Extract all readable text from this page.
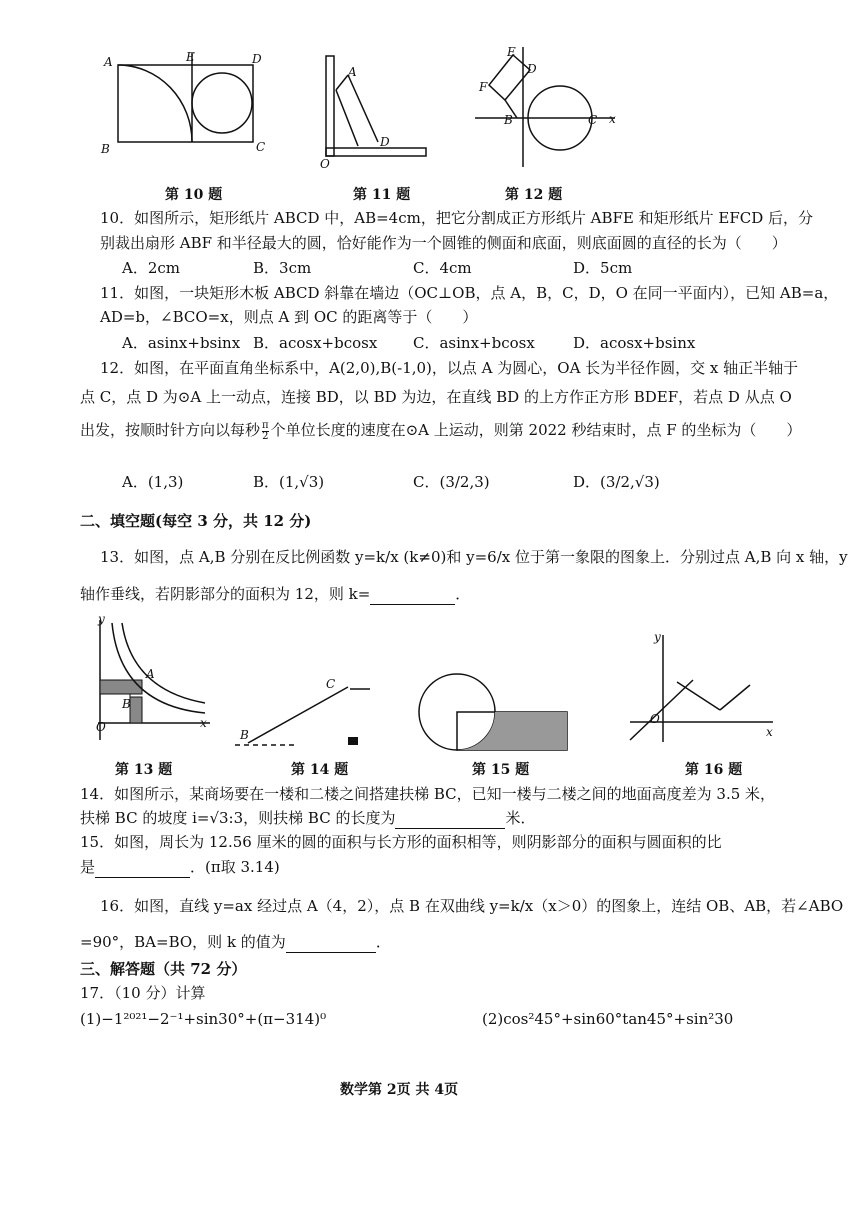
A	E	D
B	C
A
D
O
E
D
F
B	C x
第 10 题	第 11 题	第 12 题
10．如图所示，矩形纸片 ABCD 中，AB=4cm，把它分割成正方形纸片 ABFE 和矩形纸片 EFCD 后，分
别裁出扇形 ABF 和半径最大的圆，恰好能作为一个圆锥的侧面和底面，则底面圆的直径的长为（　　）
A．2cm	B．3cm	C．4cm	D．5cm
11．如图，一块矩形木板 ABCD 斜靠在墙边（OC⊥OB，点 A，B，C，D，O 在同一平面内），已知 AB=a，
AD=b，∠BCO=x，则点 A 到 OC 的距离等于（　　）
A．asinx+bsinx B．acosx+bcosx C．asinx+bcosx	D．acosx+bsinx
12．如图，在平面直角坐标系中，A(2,0),B(-1,0)，以点 A 为圆心，OA 长为半径作圆，交 x 轴正半轴于
点 C，点 D 为⊙A 上一动点，连接 BD，以 BD 为边，在直线 BD 的上方作正方形 BDEF，若点 D 从点 O
出发，按顺时针方向以每秒 $\frac{\pi}{2}$ 个单位长度的速度在⊙A 上运动，则第 2022 秒结束时，点 F 的坐标为（　　）
A．(1,3)	B．(1,√3)	C．(3/2,3)	D．(3/2,√3)
二、填空题(每空 3 分，共 12 分)
13．如图，点 A,B 分别在反比例函数 y=k/x (k≠0)和 y=6/x 位于第一象限的图象上．分别过点 A,B 向 x 轴，y
轴作垂线，若阴影部分的面积为 12，则 k=	．
y
A
B
O	x
C
B
y
O
x
第 13 题	第 14 题	第 15 题	第 16 题
14．如图所示，某商场要在一楼和二楼之间搭建扶梯 BC，已知一楼与二楼之间的地面高度差为 3.5 米，
扶梯 BC 的坡度 i=√3:3，则扶梯 BC 的长度为	米．
15．如图，周长为 12.56 厘米的圆的面积与长方形的面积相等，则阴影部分的面积与圆面积的比
是	．(π取 3.14)
16．如图，直线 y=ax 经过点 A（4，2），点 B 在双曲线 y=k/x（x＞0）的图象上，连结 OB、AB，若∠ABO
=90°，BA=BO，则 k 的值为	．
三、解答题（共 72 分）
17．（10 分）计算
(1)−1²⁰²¹−2⁻¹+sin30°+(π−314)⁰	(2)cos²45°+sin60°tan45°+sin²30
数学第 2页 共 4页
